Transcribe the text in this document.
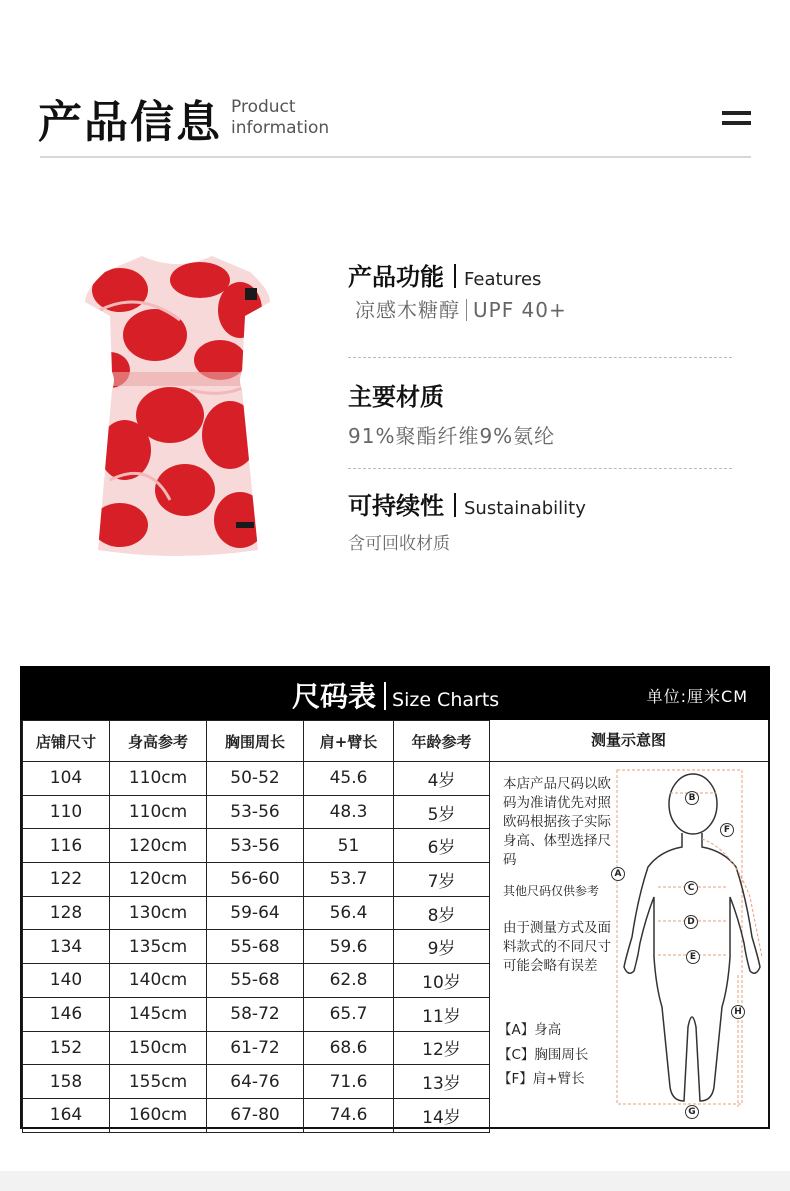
产品信息 Product
information
产品功能 Features
凉感木糖醇 UPF 40+
主要材质
91%聚酯纤维9%氨纶
可持续性 Sustainability
含可回收材质
尺码表 Size Charts	单位:厘米CM
店铺尺寸	身高参考	胸围周长	肩+臂长	年龄参考
104	110cm	50-52	45.6	4岁
110	110cm	53-56	48.3	5岁
116	120cm	53-56	51	6岁
122	120cm	56-60	53.7	7岁
128	130cm	59-64	56.4	8岁
134	135cm	55-68	59.6	9岁
140	140cm	55-68	62.8	10岁
146	145cm	58-72	65.7	11岁
152	150cm	61-72	68.6	12岁
158	155cm	64-76	71.6	13岁
164	160cm	67-80	74.6	14岁
测量示意图
本店产品尺码以欧码为准请优先对照欧码根据孩子实际身高、体型选择尺码
其他尺码仅供参考
由于测量方式及面料款式的不同尺寸可能会略有误差
【A】身高
【C】胸围周长
【F】肩+臂长
A
B
C
D
E
F
G
H
